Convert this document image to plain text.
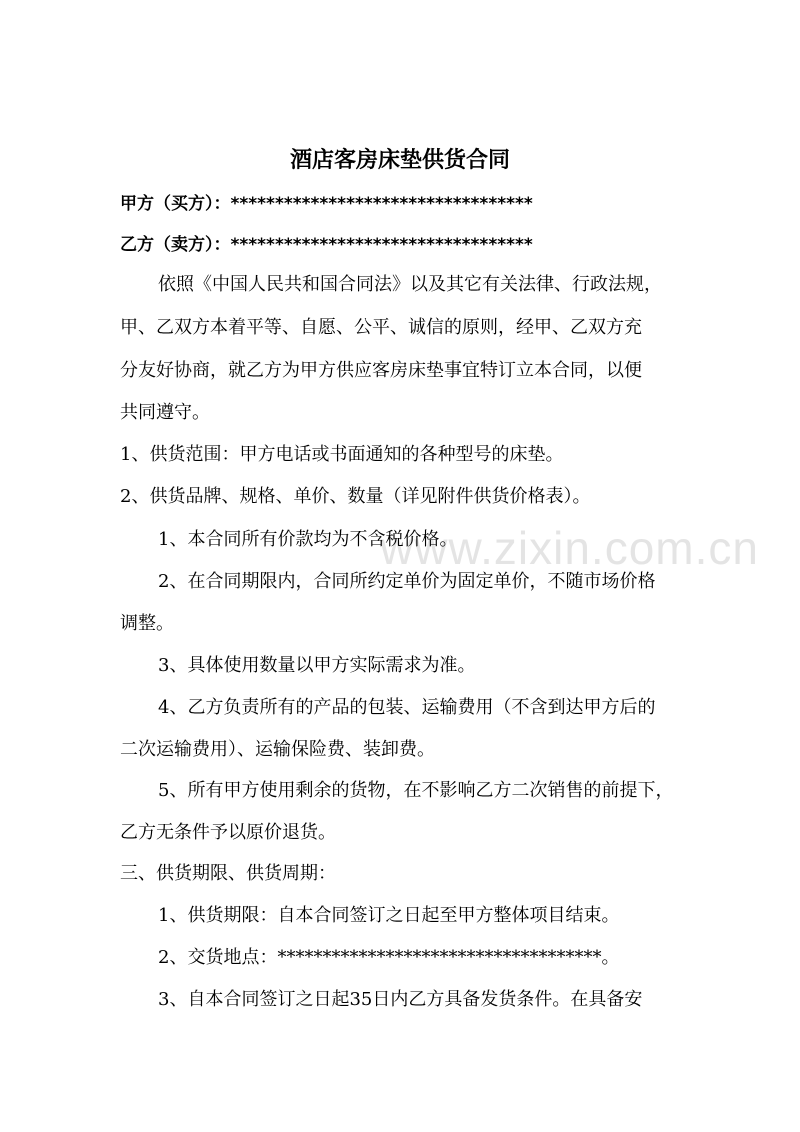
www.zixin.com.cn
酒店客房床垫供货合同
甲方（买方）：**********************************
乙方（卖方）：**********************************
依照《中国人民共和国合同法》以及其它有关法律、行政法规，
甲、乙双方本着平等、自愿、公平、诚信的原则，经甲、乙双方充
分友好协商，就乙方为甲方供应客房床垫事宜特订立本合同，以便
共同遵守。
1、供货范围：甲方电话或书面通知的各种型号的床垫。
2、供货品牌、规格、单价、数量（详见附件供货价格表）。
1、本合同所有价款均为不含税价格。
2、在合同期限内，合同所约定单价为固定单价，不随市场价格
调整。
3、具体使用数量以甲方实际需求为准。
4、乙方负责所有的产品的包装、运输费用（不含到达甲方后的
二次运输费用）、运输保险费、装卸费。
5、所有甲方使用剩余的货物，在不影响乙方二次销售的前提下，
乙方无条件予以原价退货。
三、供货期限、供货周期：
1、供货期限：自本合同签订之日起至甲方整体项目结束。
2、交货地点：************************************。
3、自本合同签订之日起35日内乙方具备发货条件。在具备安
